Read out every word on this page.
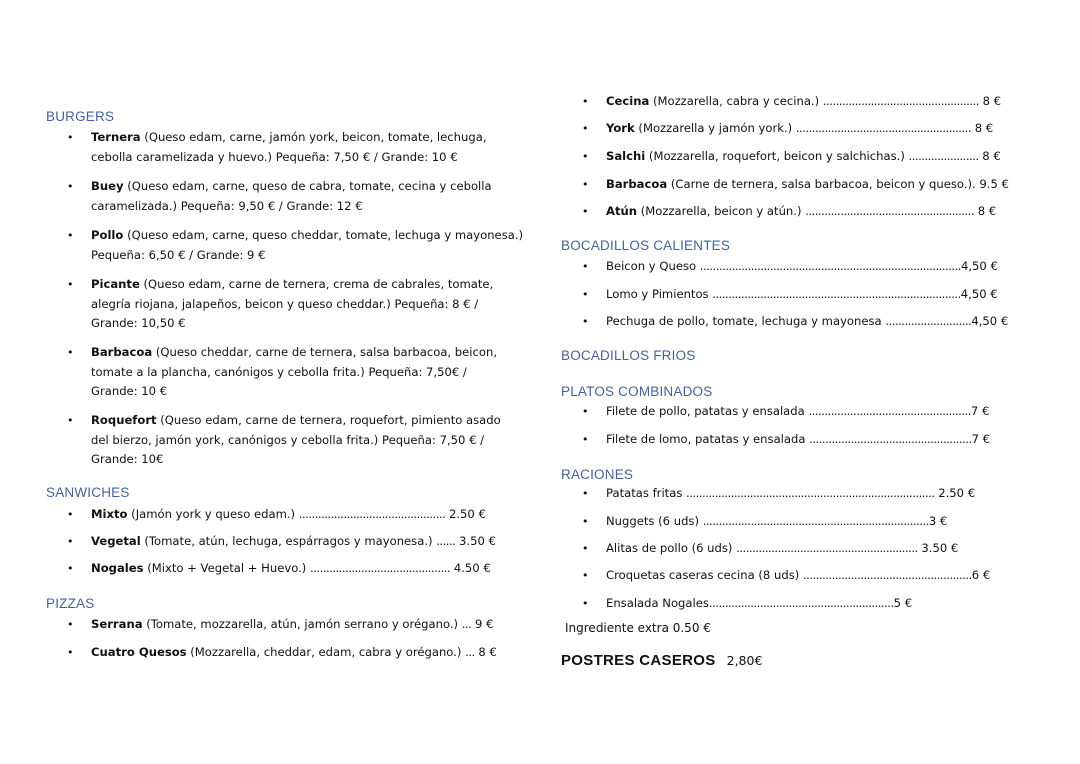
BURGERS
• Ternera (Queso edam, carne, jamón york, beicon, tomate, lechuga,
cebolla caramelizada y huevo.) Pequeña: 7,50 € / Grande: 10 €
• Buey (Queso edam, carne, queso de cabra, tomate, cecina y cebolla
caramelizada.) Pequeña: 9,50 € / Grande: 12 €
• Pollo (Queso edam, carne, queso cheddar, tomate, lechuga y mayonesa.)
Pequeña: 6,50 € / Grande: 9 €
• Picante (Queso edam, carne de ternera, crema de cabrales, tomate,
alegría riojana, jalapeños, beicon y queso cheddar.) Pequeña: 8 € /
Grande: 10,50 €
• Barbacoa (Queso cheddar, carne de ternera, salsa barbacoa, beicon,
tomate a la plancha, canónigos y cebolla frita.) Pequeña: 7,50€ /
Grande: 10 €
• Roquefort (Queso edam, carne de ternera, roquefort, pimiento asado
del bierzo, jamón york, canónigos y cebolla frita.) Pequeña: 7,50 € /
Grande: 10€
SANWICHES
• Mixto (Jamón york y queso edam.) .............................................. 2.50 €
• Vegetal (Tomate, atún, lechuga, espárragos y mayonesa.) ...... 3.50 €
• Nogales (Mixto + Vegetal + Huevo.) ............................................ 4.50 €
PIZZAS
• Serrana (Tomate, mozzarella, atún, jamón serrano y orégano.) ... 9 €
• Cuatro Quesos (Mozzarella, cheddar, edam, cabra y orégano.) ... 8 €
• Cecina (Mozzarella, cabra y cecina.) ................................................. 8 €
• York (Mozzarella y jamón york.) ....................................................... 8 €
• Salchi (Mozzarella, roquefort, beicon y salchichas.) ...................... 8 €
• Barbacoa (Carne de ternera, salsa barbacoa, beicon y queso.). 9.5 €
• Atún (Mozzarella, beicon y atún.) ..................................................... 8 €
BOCADILLOS CALIENTES
• Beicon y Queso ..................................................................................4,50 €
• Lomo y Pimientos ..............................................................................4,50 €
• Pechuga de pollo, tomate, lechuga y mayonesa ...........................4,50 €
BOCADILLOS FRIOS
PLATOS COMBINADOS
• Filete de pollo, patatas y ensalada ...................................................7 €
• Filete de lomo, patatas y ensalada ...................................................7 €
RACIONES
• Patatas fritas .............................................................................. 2.50 €
• Nuggets (6 uds) .......................................................................3 €
• Alitas de pollo (6 uds) ......................................................... 3.50 €
• Croquetas caseras cecina (8 uds) .....................................................6 €
• Ensalada Nogales..........................................................5 €
Ingrediente extra 0.50 €
POSTRES CASEROS 2,80€
